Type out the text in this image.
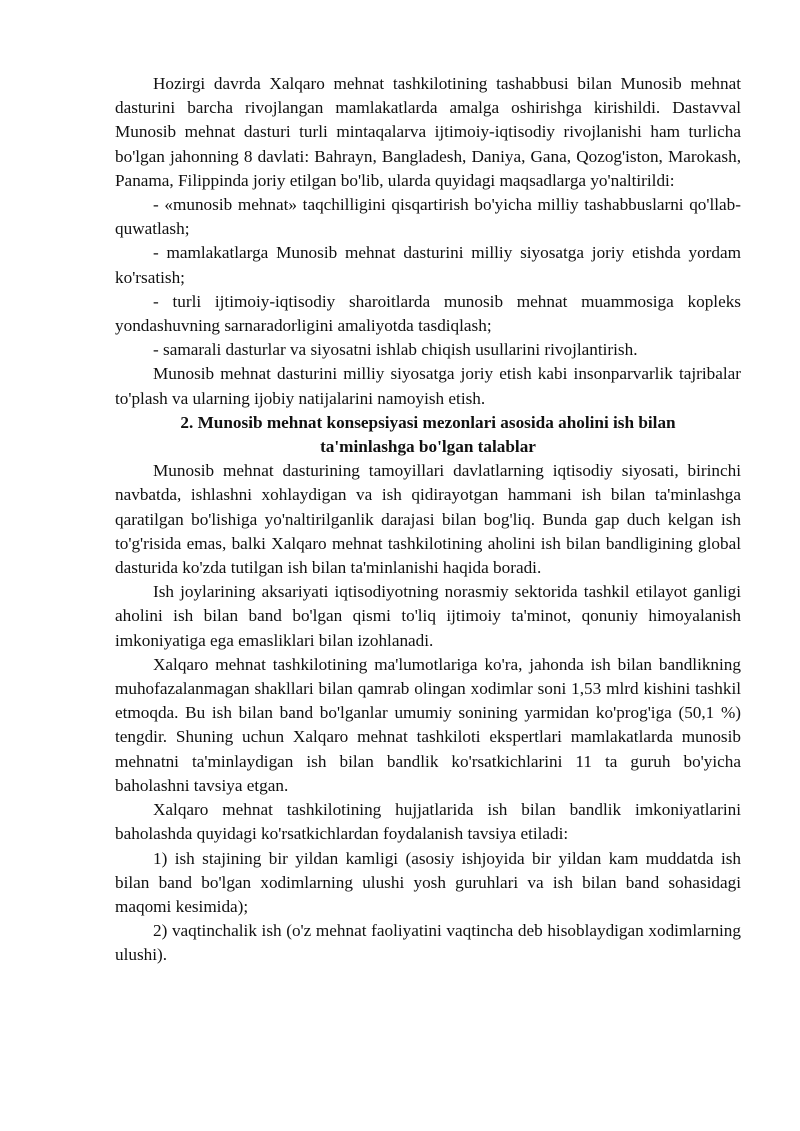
Hozirgi davrda Xalqaro mehnat tashkilotining tashabbusi bilan Munosib mehnat dasturini barcha rivojlangan mamlakatlarda amalga oshirishga kirishildi. Dastavval Munosib mehnat dasturi turli mintaqalarva ijtimoiy-iqtisodiy rivojlanishi ham turlicha bo'lgan jahonning 8 davlati: Bahrayn, Bangladesh, Daniya, Gana, Qozog'iston, Marokash, Panama, Filippinda joriy etilgan bo'lib, ularda quyidagi maqsadlarga yo'naltirildi:

- «munosib mehnat» taqchilligini qisqartirish bo'yicha milliy tashabbuslarni qo'llab-quwatlash;

- mamlakatlarga Munosib mehnat dasturini milliy siyosatga joriy etishda yordam ko'rsatish;

- turli ijtimoiy-iqtisodiy sharoitlarda munosib mehnat muammosiga kopleks yondashuvning sarnaradorligini amaliyotda tasdiqlash;

- samarali dasturlar va siyosatni ishlab chiqish usullarini rivojlantirish.

Munosib mehnat dasturini milliy siyosatga joriy etish kabi insonparvarlik tajribalar to'plash va ularning ijobiy natijalarini namoyish etish.

2. Munosib mehnat konsepsiyasi mezonlari asosida aholini ish bilan
ta'minlashga bo'lgan talablar

Munosib mehnat dasturining tamoyillari davlatlarning iqtisodiy siyosati, birinchi navbatda, ishlashni xohlaydigan va ish qidirayotgan hammani ish bilan ta'minlashga qaratilgan bo'lishiga yo'naltirilganlik darajasi bilan bog'liq. Bunda gap duch kelgan ish to'g'risida emas, balki Xalqaro mehnat tashkilotining aholini ish bilan bandligining global dasturida ko'zda tutilgan ish bilan ta'minlanishi haqida boradi.

Ish joylarining aksariyati iqtisodiyotning norasmiy sektorida tashkil etilayot ganligi aholini ish bilan band bo'lgan qismi to'liq ijtimoiy ta'minot, qonuniy himoyalanish imkoniyatiga ega emasliklari bilan izohlanadi.

Xalqaro mehnat tashkilotining ma'lumotlariga ko'ra, jahonda ish bilan bandlikning muhofazalanmagan shakllari bilan qamrab olingan xodimlar soni 1,53 mlrd kishini tashkil etmoqda. Bu ish bilan band bo'lganlar umumiy sonining yarmidan ko'prog'iga (50,1 %) tengdir. Shuning uchun Xalqaro mehnat tashkiloti ekspertlari mamlakatlarda munosib mehnatni ta'minlaydigan ish bilan bandlik ko'rsatkichlarini 11 ta guruh bo'yicha baholashni tavsiya etgan.

Xalqaro mehnat tashkilotining hujjatlarida ish bilan bandlik imkoniyatlarini baholashda quyidagi ko'rsatkichlardan foydalanish tavsiya etiladi:

1) ish stajining bir yildan kamligi (asosiy ishjoyida bir yildan kam muddatda ish bilan band bo'lgan xodimlarning ulushi yosh guruhlari va ish bilan band sohasidagi maqomi kesimida);

2) vaqtinchalik ish (o'z mehnat faoliyatini vaqtincha deb hisoblaydigan xodimlarning ulushi).
